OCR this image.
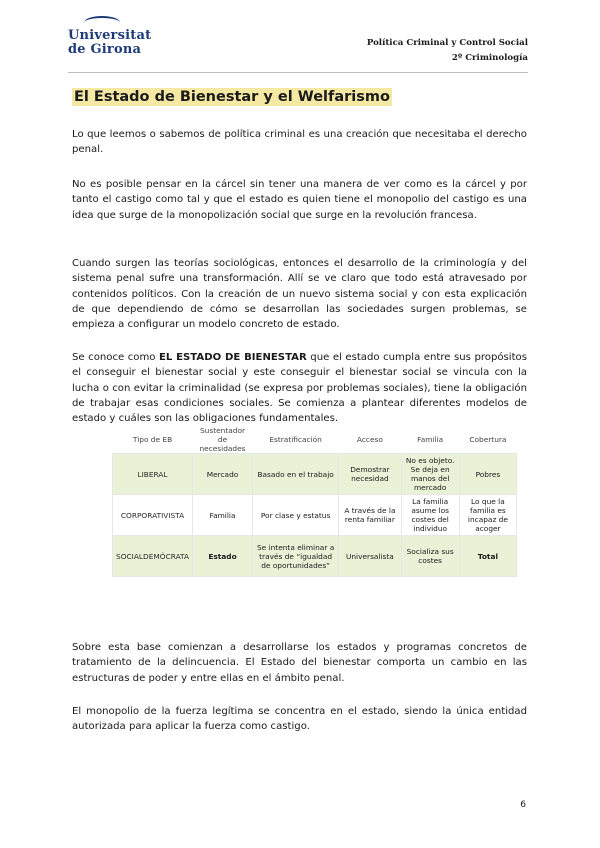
Universitat
de Girona	Política Criminal y Control Social
2º Criminología
El Estado de Bienestar y el Welfarismo

Lo que leemos o sabemos de política criminal es una creación que necesitaba el derecho penal.

No es posible pensar en la cárcel sin tener una manera de ver como es la cárcel y por tanto el castigo como tal y que el estado es quien tiene el monopolio del castigo es una idea que surge de la monopolización social que surge en la revolución francesa.

Cuando surgen las teorías sociológicas, entonces el desarrollo de la criminología y del sistema penal sufre una transformación. Allí se ve claro que todo está atravesado por contenidos políticos. Con la creación de un nuevo sistema social y con esta explicación de que dependiendo de cómo se desarrollan las sociedades surgen problemas, se empieza a configurar un modelo concreto de estado.

Se conoce como EL ESTADO DE BIENESTAR que el estado cumpla entre sus propósitos el conseguir el bienestar social y este conseguir el bienestar social se vincula con la lucha o con evitar la criminalidad (se expresa por problemas sociales), tiene la obligación de trabajar esas condiciones sociales. Se comienza a plantear diferentes modelos de estado y cuáles son las obligaciones fundamentales.

Tipo de EB	Sustentador de necesidades	Estratificación	Acceso	Familia	Cobertura
LIBERAL	Mercado	Basado en el trabajo	Demostrar necesidad	No es objeto. Se deja en manos del mercado	Pobres
CORPORATIVISTA	Familia	Por clase y estatus	A través de la renta familiar	La familia asume los costes del individuo	Lo que la familia es incapaz de acoger
SOCIALDEMÓCRATA	Estado	Se intenta eliminar a través de “igualdad de oportunidades”	Universalista	Socializa sus costes	Total

Sobre esta base comienzan a desarrollarse los estados y programas concretos de tratamiento de la delincuencia. El Estado del bienestar comporta un cambio en las estructuras de poder y entre ellas en el ámbito penal.

El monopolio de la fuerza legítima se concentra en el estado, siendo la única entidad autorizada para aplicar la fuerza como castigo.

6
